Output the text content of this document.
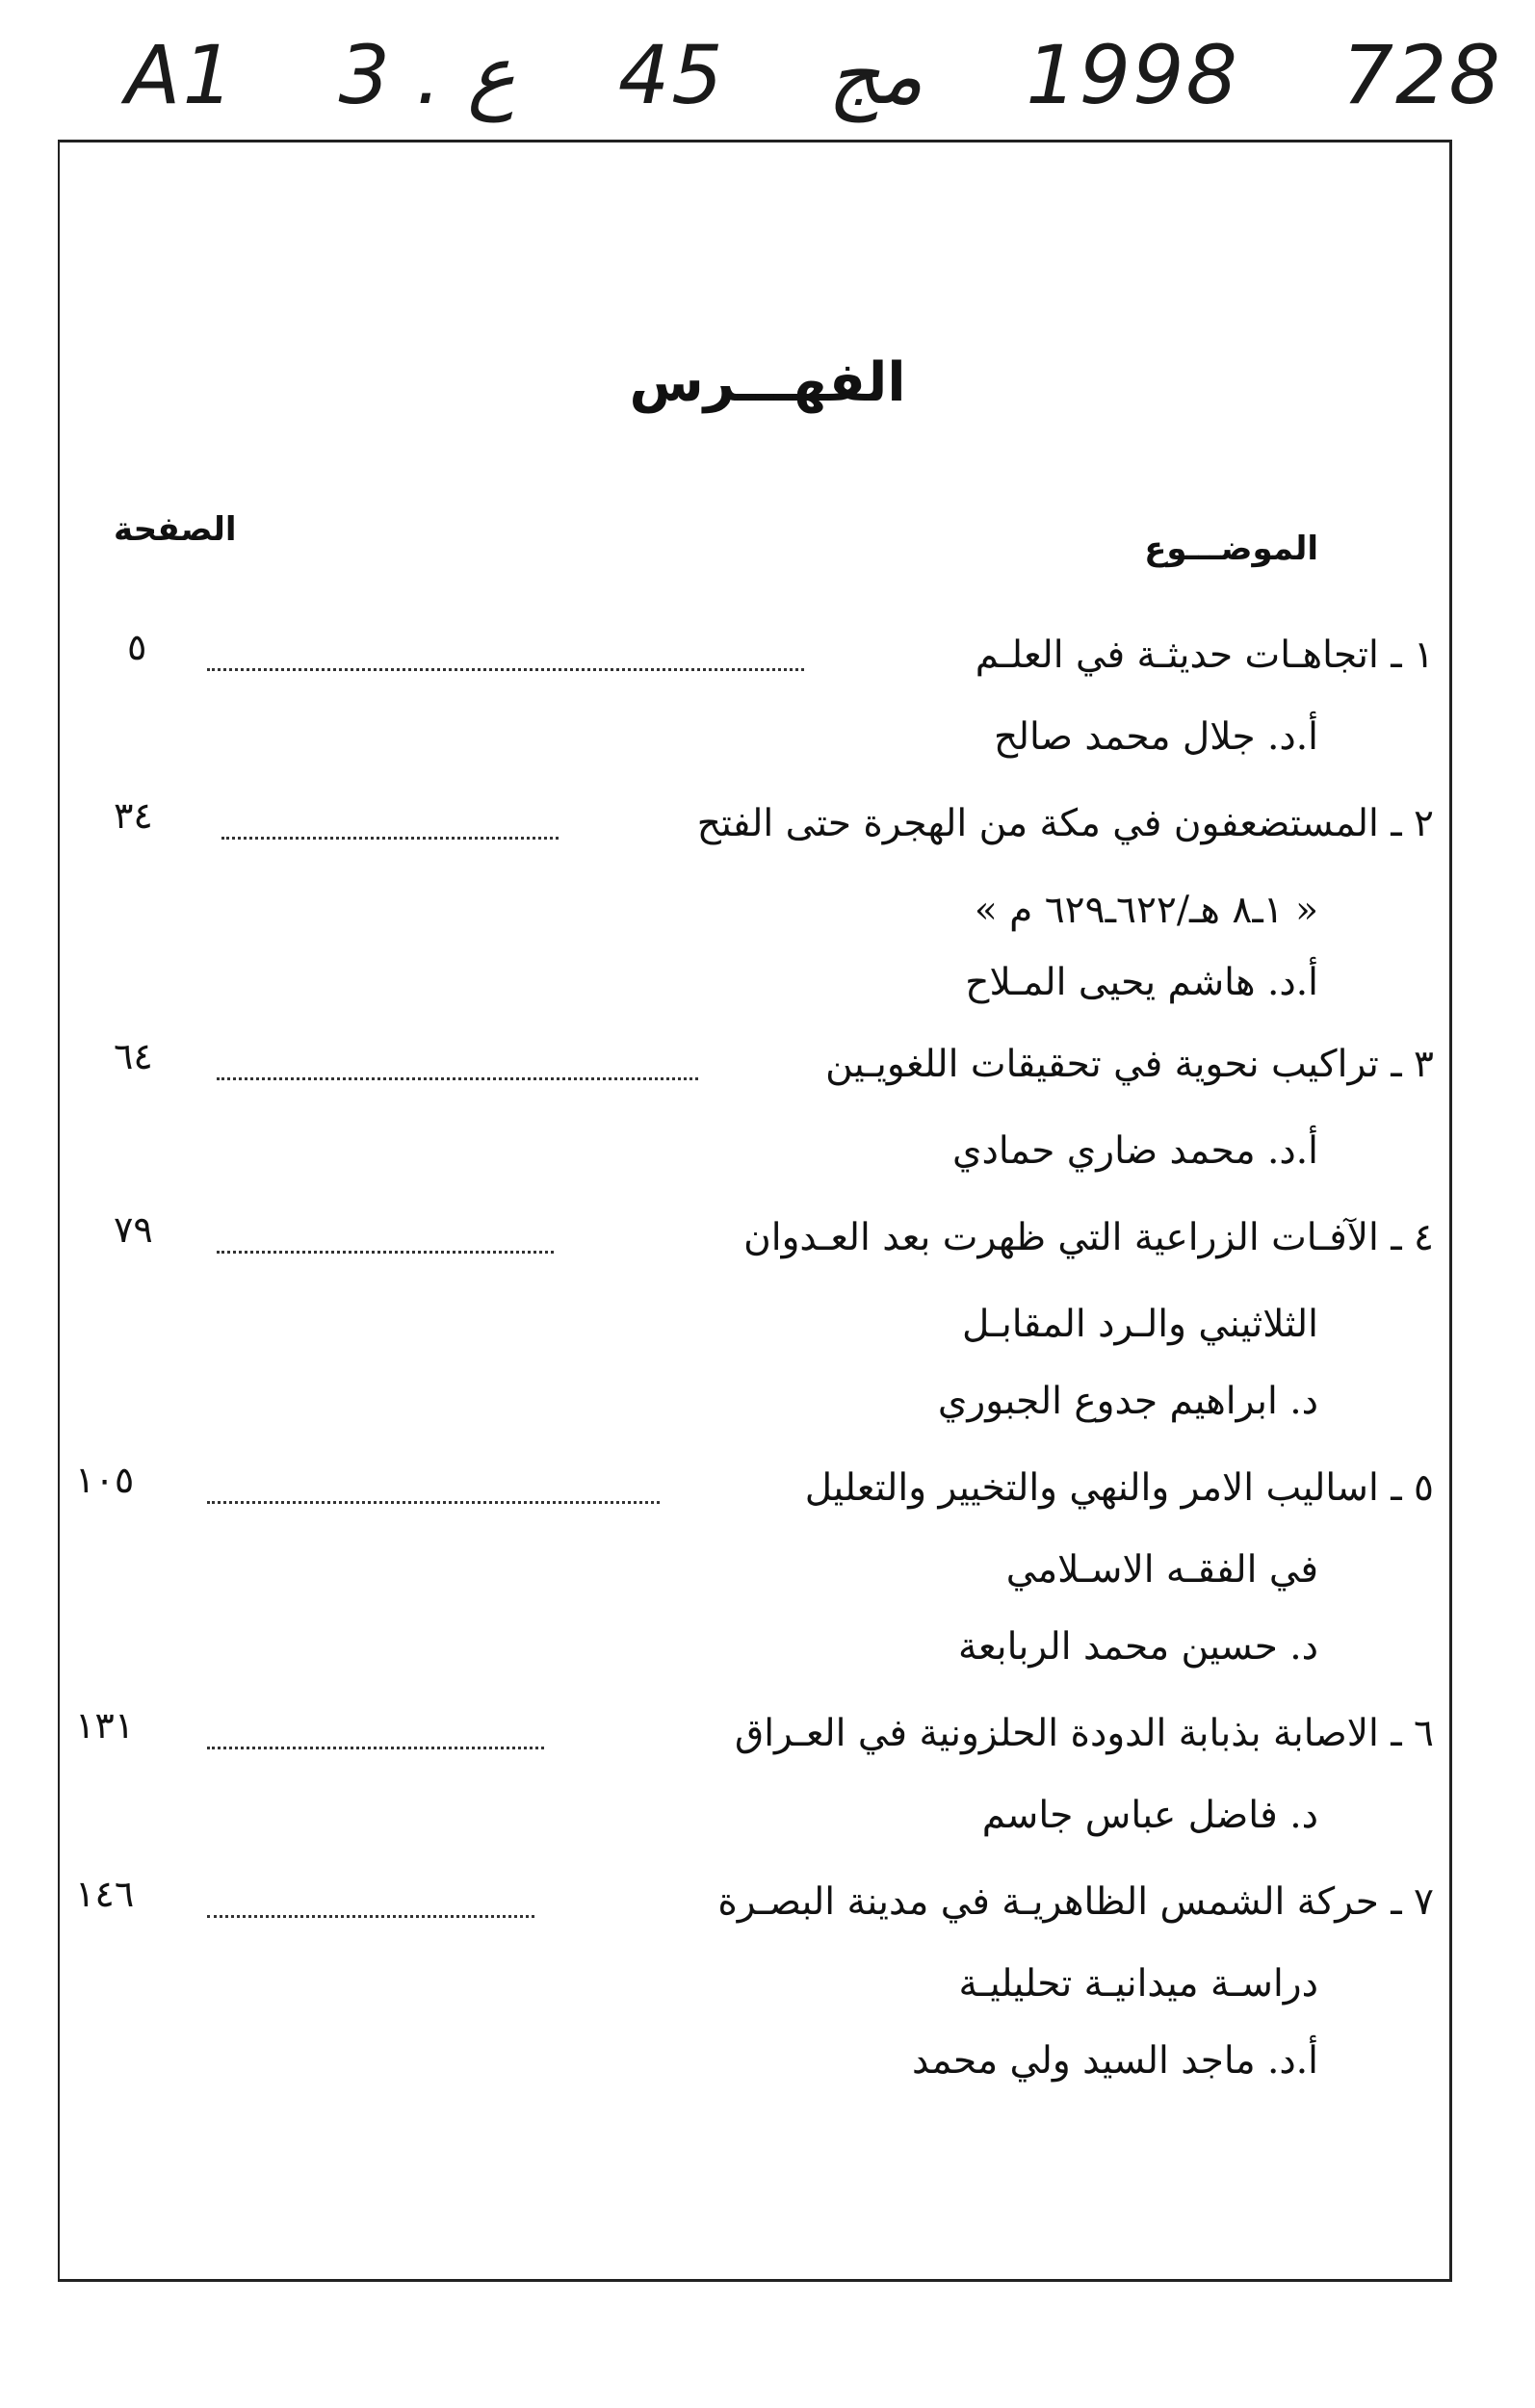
A1 3 . ع 45 مج 1998 728
الفهـــرس
الموضـــوع
الصفحة
١ ـ اتجاهـات حديثـة في العلـم
٥
أ.د. جلال محمد صالح
٢ ـ المستضعفون في مكة من الهجرة حتى الفتح
٣٤
« ١ـ٨ هـ/٦٢٢ـ٦٢٩ م »
أ.د. هاشم يحيى المـلاح
٣ ـ تراكيب نحوية في تحقيقات اللغويـين
٦٤
أ.د. محمد ضاري حمادي
٤ ـ الآفـات الزراعية التي ظهرت بعد العـدوان
٧٩
الثلاثيني والـرد المقابـل
د. ابراهيم جدوع الجبوري
٥ ـ اساليب الامر والنهي والتخيير والتعليل
١٠٥
في الفقـه الاسـلامي
د. حسين محمد الربابعة
٦ ـ الاصابة بذبابة الدودة الحلزونية في العـراق
١٣١
د. فاضل عباس جاسم
٧ ـ حركة الشمس الظاهريـة في مدينة البصـرة
١٤٦
دراسـة ميدانيـة تحليليـة
أ.د. ماجد السيد ولي محمد
